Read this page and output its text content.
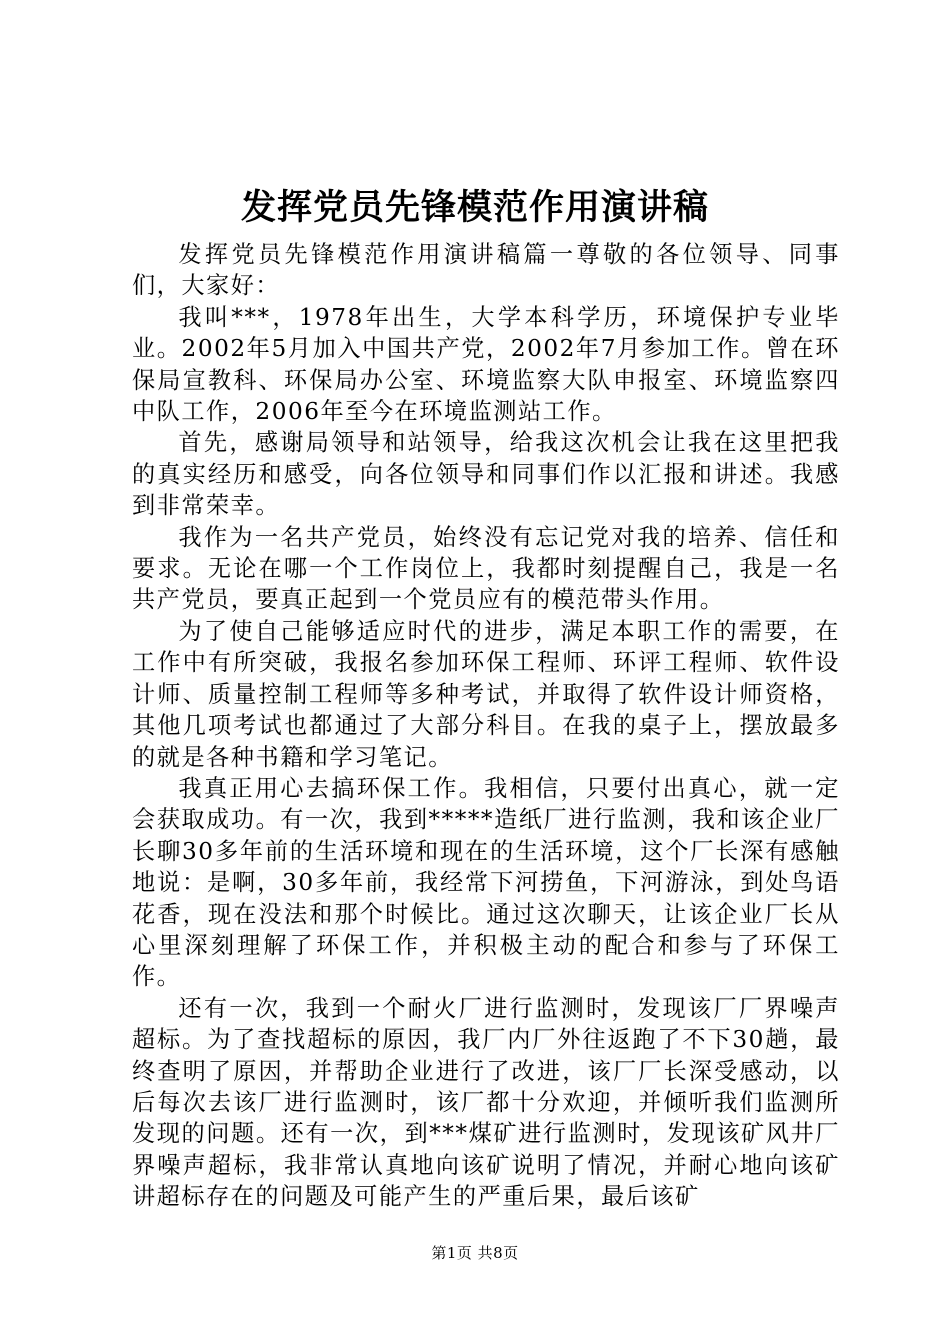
发挥党员先锋模范作用演讲稿

发挥党员先锋模范作用演讲稿篇一尊敬的各位领导、同事们，大家好：

我叫***，1978年出生，大学本科学历，环境保护专业毕业。2002年5月加入中国共产党，2002年7月参加工作。曾在环保局宣教科、环保局办公室、环境监察大队申报室、环境监察四中队工作，2006年至今在环境监测站工作。

首先，感谢局领导和站领导，给我这次机会让我在这里把我的真实经历和感受，向各位领导和同事们作以汇报和讲述。我感到非常荣幸。

我作为一名共产党员，始终没有忘记党对我的培养、信任和要求。无论在哪一个工作岗位上，我都时刻提醒自己，我是一名共产党员，要真正起到一个党员应有的模范带头作用。

为了使自己能够适应时代的进步，满足本职工作的需要，在工作中有所突破，我报名参加环保工程师、环评工程师、软件设计师、质量控制工程师等多种考试，并取得了软件设计师资格，其他几项考试也都通过了大部分科目。在我的桌子上，摆放最多的就是各种书籍和学习笔记。

我真正用心去搞环保工作。我相信，只要付出真心，就一定会获取成功。有一次，我到*****造纸厂进行监测，我和该企业厂长聊30多年前的生活环境和现在的生活环境，这个厂长深有感触地说：是啊，30多年前，我经常下河捞鱼，下河游泳，到处鸟语花香，现在没法和那个时候比。通过这次聊天，让该企业厂长从心里深刻理解了环保工作，并积极主动的配合和参与了环保工作。

还有一次，我到一个耐火厂进行监测时，发现该厂厂界噪声超标。为了查找超标的原因，我厂内厂外往返跑了不下30趟，最终查明了原因，并帮助企业进行了改进，该厂厂长深受感动，以后每次去该厂进行监测时，该厂都十分欢迎，并倾听我们监测所发现的问题。还有一次，到***煤矿进行监测时，发现该矿风井厂界噪声超标，我非常认真地向该矿说明了情况，并耐心地向该矿讲超标存在的问题及可能产生的严重后果，最后该矿

第1页 共8页
